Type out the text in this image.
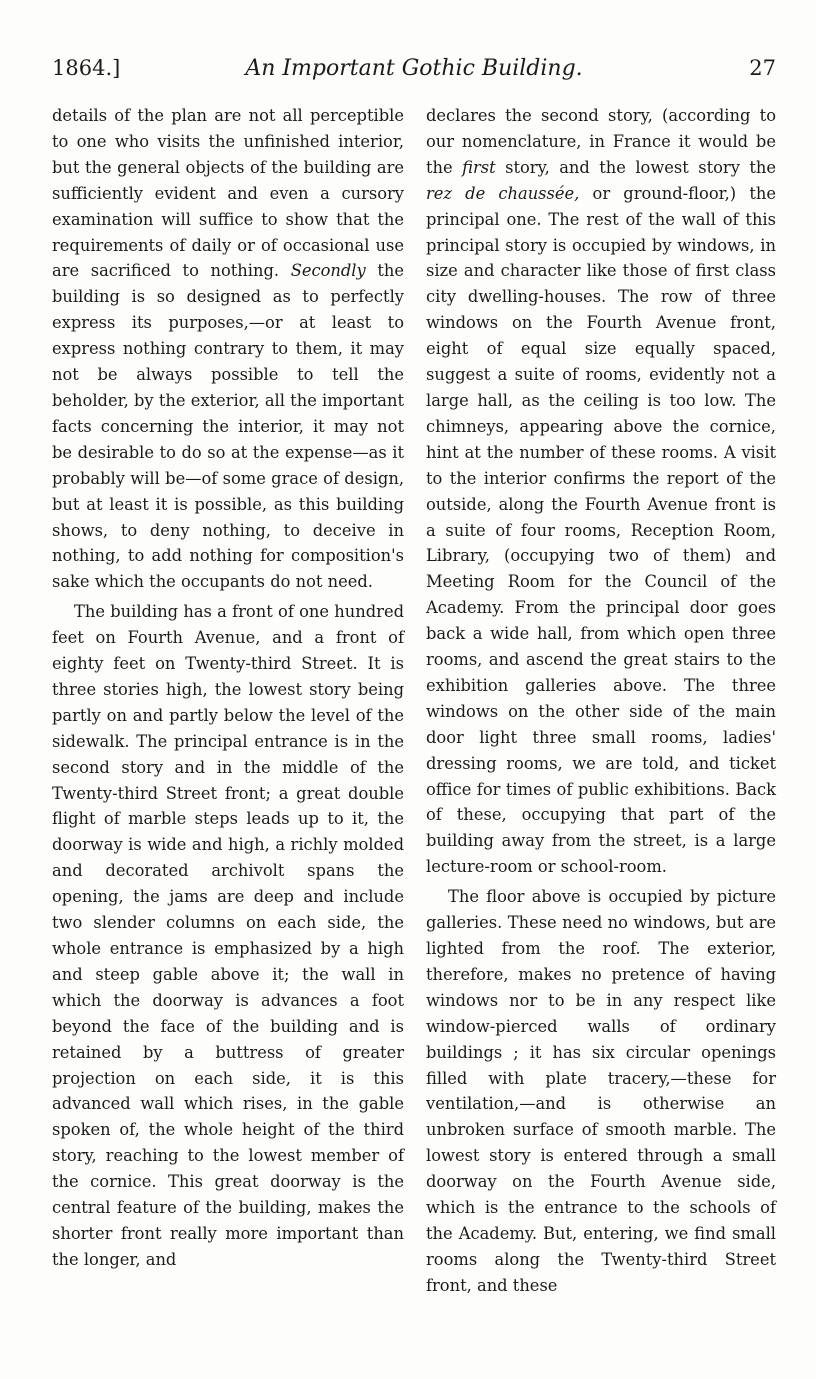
1864.]	An Important Gothic Building.	27

details of the plan are not all perceptible to one who visits the unfinished interior, but the general objects of the building are sufficiently evident and even a cursory examination will suffice to show that the requirements of daily or of occasional use are sacrificed to nothing. Secondly the building is so designed as to perfectly express its purposes,—or at least to express nothing contrary to them, it may not be always possible to tell the beholder, by the exterior, all the important facts concerning the interior, it may not be desirable to do so at the expense—as it probably will be—of some grace of design, but at least it is possible, as this building shows, to deny nothing, to deceive in nothing, to add nothing for composition's sake which the occupants do not need.

The building has a front of one hundred feet on Fourth Avenue, and a front of eighty feet on Twenty-third Street. It is three stories high, the lowest story being partly on and partly below the level of the sidewalk. The principal entrance is in the second story and in the middle of the Twenty-third Street front; a great double flight of marble steps leads up to it, the doorway is wide and high, a richly molded and decorated archivolt spans the opening, the jams are deep and include two slender columns on each side, the whole entrance is emphasized by a high and steep gable above it; the wall in which the doorway is advances a foot beyond the face of the building and is retained by a buttress of greater projection on each side, it is this advanced wall which rises, in the gable spoken of, the whole height of the third story, reaching to the lowest member of the cornice. This great doorway is the central feature of the building, makes the shorter front really more important than the longer, and

declares the second story, (according to our nomenclature, in France it would be the first story, and the lowest story the rez de chaussée, or ground-floor,) the principal one. The rest of the wall of this principal story is occupied by windows, in size and character like those of first class city dwelling-houses. The row of three windows on the Fourth Avenue front, eight of equal size equally spaced, suggest a suite of rooms, evidently not a large hall, as the ceiling is too low. The chimneys, appearing above the cornice, hint at the number of these rooms. A visit to the interior confirms the report of the outside, along the Fourth Avenue front is a suite of four rooms, Reception Room, Library, (occupying two of them) and Meeting Room for the Council of the Academy. From the principal door goes back a wide hall, from which open three rooms, and ascend the great stairs to the exhibition galleries above. The three windows on the other side of the main door light three small rooms, ladies' dressing rooms, we are told, and ticket office for times of public exhibitions. Back of these, occupying that part of the building away from the street, is a large lecture-room or school-room.

The floor above is occupied by picture galleries. These need no windows, but are lighted from the roof. The exterior, therefore, makes no pretence of having windows nor to be in any respect like window-pierced walls of ordinary buildings ; it has six circular openings filled with plate tracery,—these for ventilation,—and is otherwise an unbroken surface of smooth marble. The lowest story is entered through a small doorway on the Fourth Avenue side, which is the entrance to the schools of the Academy. But, entering, we find small rooms along the Twenty-third Street front, and these
